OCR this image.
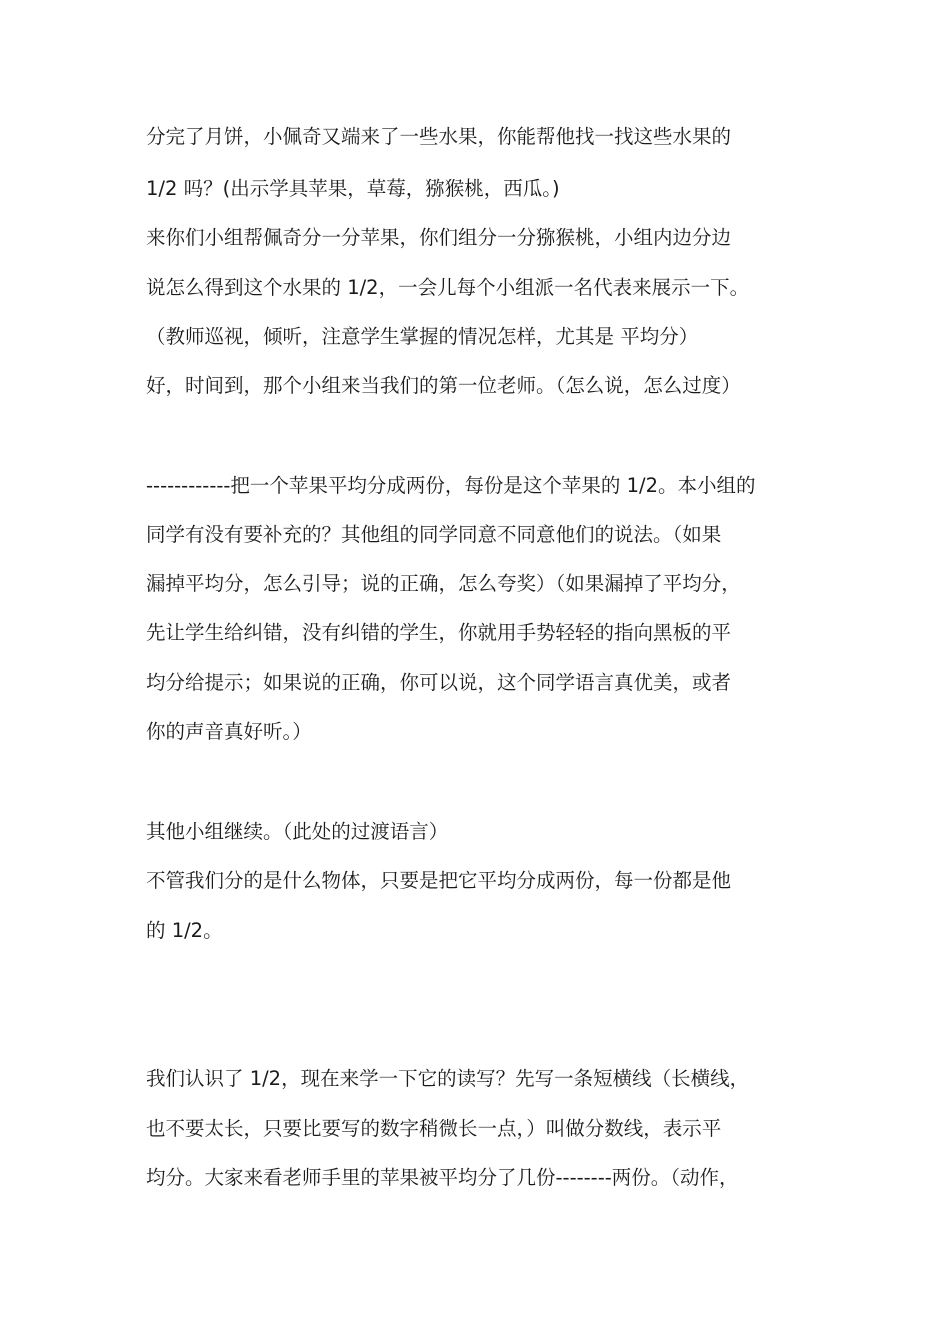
分完了月饼，小佩奇又端来了一些水果，你能帮他找一找这些水果的
1/2 吗？(出示学具苹果，草莓，猕猴桃，西瓜。)
来你们小组帮佩奇分一分苹果，你们组分一分猕猴桃，小组内边分边
说怎么得到这个水果的 1/2，一会儿每个小组派一名代表来展示一下。
（教师巡视，倾听，注意学生掌握的情况怎样，尤其是 平均分）
好，时间到，那个小组来当我们的第一位老师。（怎么说，怎么过度）
------------把一个苹果平均分成两份，每份是这个苹果的 1/2。本小组的
同学有没有要补充的？其他组的同学同意不同意他们的说法。（如果
漏掉平均分，怎么引导；说的正确，怎么夸奖）（如果漏掉了平均分，
先让学生给纠错，没有纠错的学生，你就用手势轻轻的指向黑板的平
均分给提示；如果说的正确，你可以说，这个同学语言真优美，或者
你的声音真好听。）
其他小组继续。（此处的过渡语言）
不管我们分的是什么物体，只要是把它平均分成两份，每一份都是他
的 1/2。
我们认识了 1/2，现在来学一下它的读写？先写一条短横线（长横线，
也不要太长，只要比要写的数字稍微长一点，）叫做分数线，表示平
均分。大家来看老师手里的苹果被平均分了几份--------两份。（动作，
